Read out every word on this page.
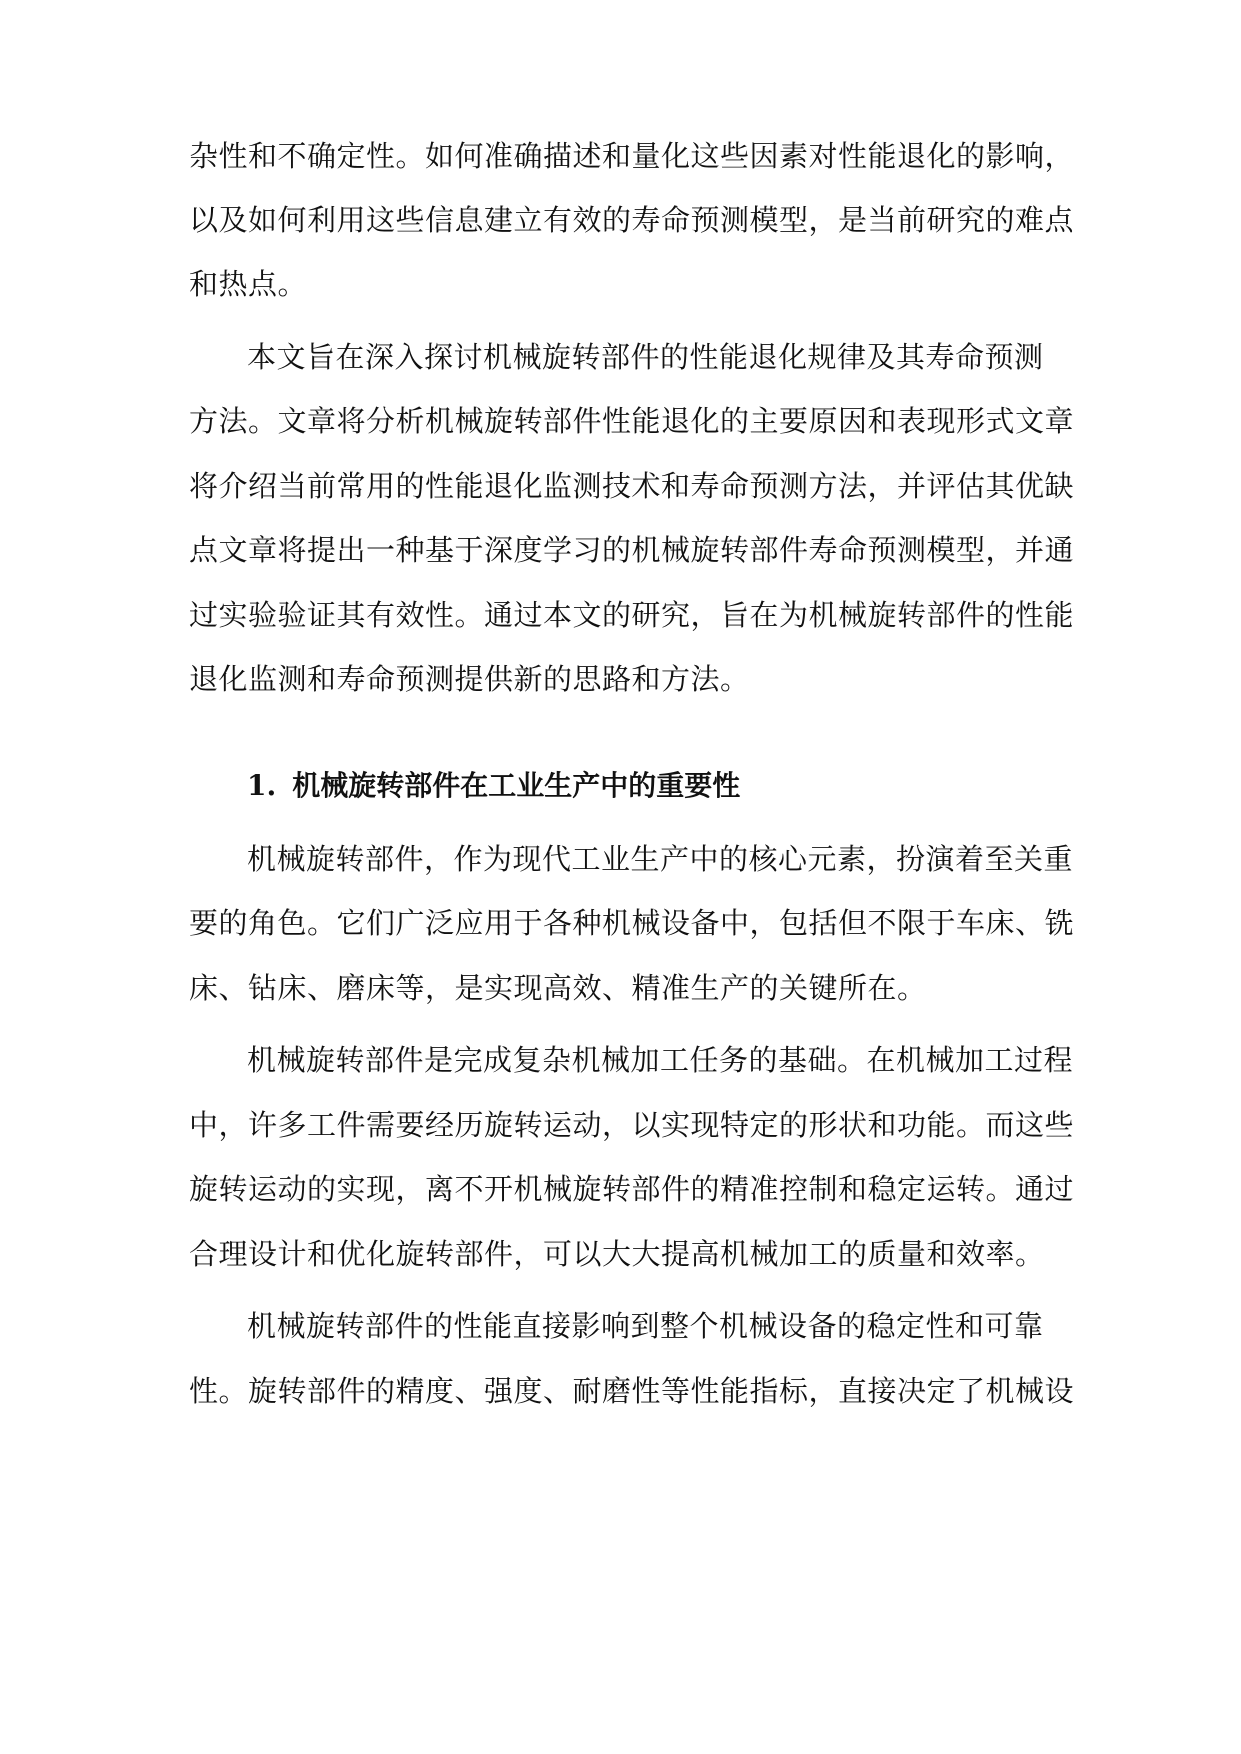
杂性和不确定性。如何准确描述和量化这些因素对性能退化的影响，
以及如何利用这些信息建立有效的寿命预测模型，是当前研究的难点
和热点。
本文旨在深入探讨机械旋转部件的性能退化规律及其寿命预测
方法。文章将分析机械旋转部件性能退化的主要原因和表现形式文章
将介绍当前常用的性能退化监测技术和寿命预测方法，并评估其优缺
点文章将提出一种基于深度学习的机械旋转部件寿命预测模型，并通
过实验验证其有效性。通过本文的研究，旨在为机械旋转部件的性能
退化监测和寿命预测提供新的思路和方法。
1. 机械旋转部件在工业生产中的重要性
机械旋转部件，作为现代工业生产中的核心元素，扮演着至关重
要的角色。它们广泛应用于各种机械设备中，包括但不限于车床、铣
床、钻床、磨床等，是实现高效、精准生产的关键所在。
机械旋转部件是完成复杂机械加工任务的基础。在机械加工过程
中，许多工件需要经历旋转运动，以实现特定的形状和功能。而这些
旋转运动的实现，离不开机械旋转部件的精准控制和稳定运转。通过
合理设计和优化旋转部件，可以大大提高机械加工的质量和效率。
机械旋转部件的性能直接影响到整个机械设备的稳定性和可靠
性。旋转部件的精度、强度、耐磨性等性能指标，直接决定了机械设
